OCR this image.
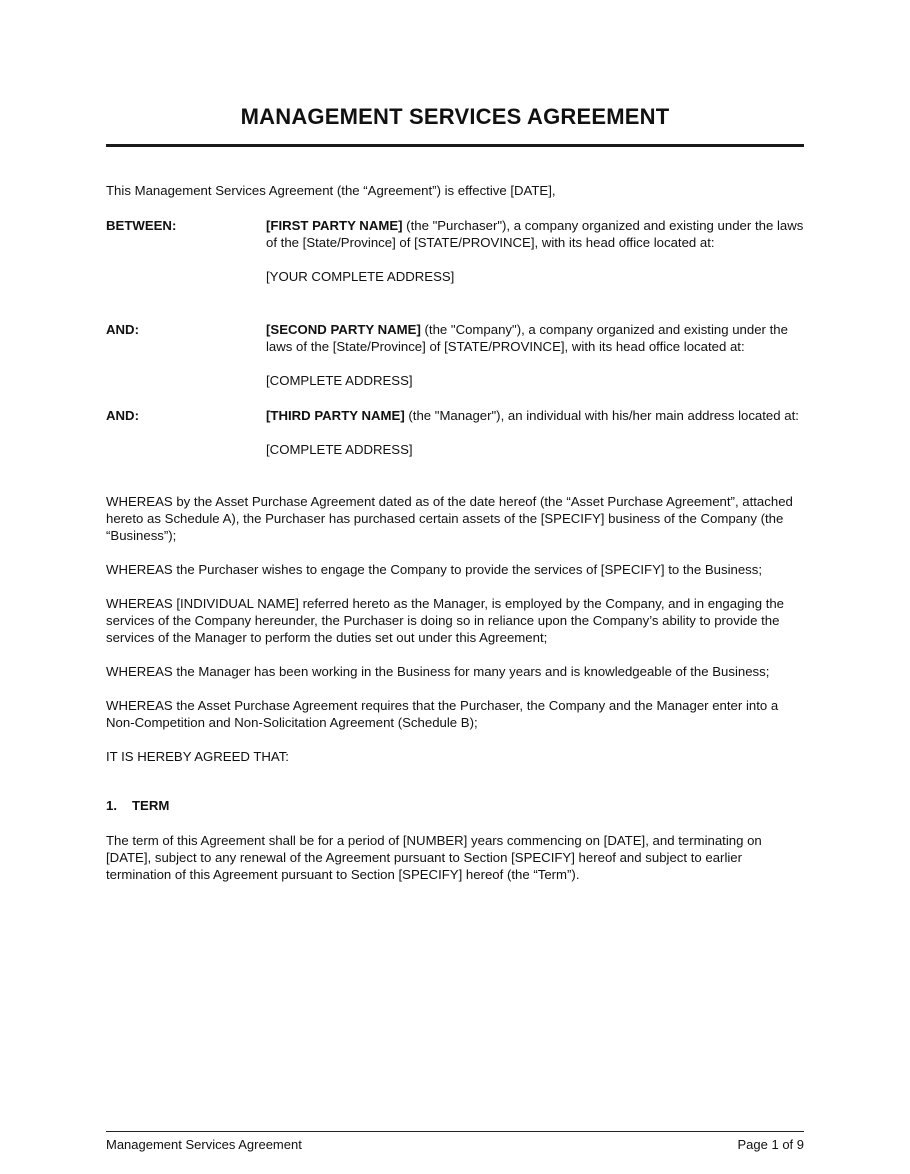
MANAGEMENT SERVICES AGREEMENT

This Management Services Agreement (the “Agreement”) is effective [DATE],

BETWEEN:	[FIRST PARTY NAME] (the "Purchaser"), a company organized and existing under the laws of the [State/Province] of [STATE/PROVINCE], with its head office located at:

[YOUR COMPLETE ADDRESS]

AND:	[SECOND PARTY NAME] (the "Company"), a company organized and existing under the laws of the [State/Province] of [STATE/PROVINCE], with its head office located at:

[COMPLETE ADDRESS]

AND:	[THIRD PARTY NAME] (the "Manager"), an individual with his/her main address located at:

[COMPLETE ADDRESS]

WHEREAS by the Asset Purchase Agreement dated as of the date hereof (the “Asset Purchase Agreement”, attached hereto as Schedule A), the Purchaser has purchased certain assets of the [SPECIFY] business of the Company (the “Business”);

WHEREAS the Purchaser wishes to engage the Company to provide the services of [SPECIFY] to the Business;

WHEREAS [INDIVIDUAL NAME] referred hereto as the Manager, is employed by the Company, and in engaging the services of the Company hereunder, the Purchaser is doing so in reliance upon the Company’s ability to provide the services of the Manager to perform the duties set out under this Agreement;

WHEREAS the Manager has been working in the Business for many years and is knowledgeable of the Business;

WHEREAS the Asset Purchase Agreement requires that the Purchaser, the Company and the Manager enter into a Non-Competition and Non-Solicitation Agreement (Schedule B);

IT IS HEREBY AGREED THAT:

1. TERM

The term of this Agreement shall be for a period of [NUMBER] years commencing on [DATE], and terminating on [DATE], subject to any renewal of the Agreement pursuant to Section [SPECIFY] hereof and subject to earlier termination of this Agreement pursuant to Section [SPECIFY] hereof (the “Term”).

Management Services Agreement	Page 1 of 9
